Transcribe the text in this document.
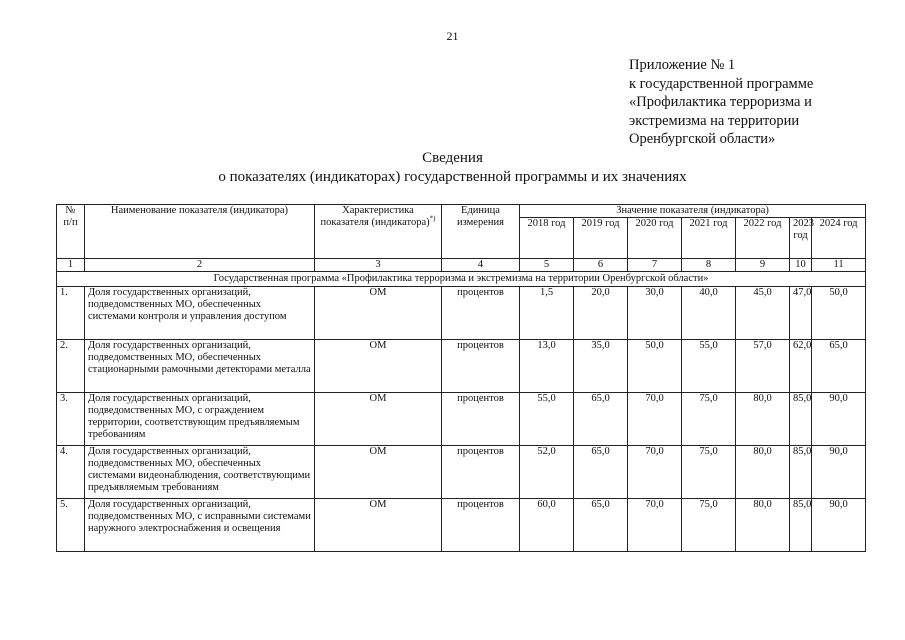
21
Приложение № 1
к государственной программе
«Профилактика терроризма и
экстремизма на территории
Оренбургской области»
Сведения
о показателях (индикаторах) государственной программы и их значениях
№ п/п	Наименование показателя (индикатора)	Характеристика показателя (индикатора)*)	Единица измерения	Значение показателя (индикатора)						
				2018 год	2019 год	2020 год	2021 год	2022 год	2023 год	2024 год
1	2	3	4	5	6	7	8	9	10	11
Государственная программа «Профилактика терроризма и экстремизма на территории Оренбургской области»										
1.	Доля государственных организаций, подведомственных МО, обеспеченных системами контроля и управления доступом	ОМ	процентов	1,5	20,0	30,0	40,0	45,0	47,0	50,0
2.	Доля государственных организаций, подведомственных МО, обеспеченных стационарными рамочными детекторами металла	ОМ	процентов	13,0	35,0	50,0	55,0	57,0	62,0	65,0
3.	Доля государственных организаций, подведомственных МО, с ограждением территории, соответствующим предъявляемым требованиям	ОМ	процентов	55,0	65,0	70,0	75,0	80,0	85,0	90,0
4.	Доля государственных организаций, подведомственных МО, обеспеченных системами видеонаблюдения, соответствующими предъявляемым требованиям	ОМ	процентов	52,0	65,0	70,0	75,0	80,0	85,0	90,0
5.	Доля государственных организаций, подведомственных МО, с исправными системами наружного электроснабжения и освещения	ОМ	процентов	60,0	65,0	70,0	75,0	80,0	85,0	90,0
